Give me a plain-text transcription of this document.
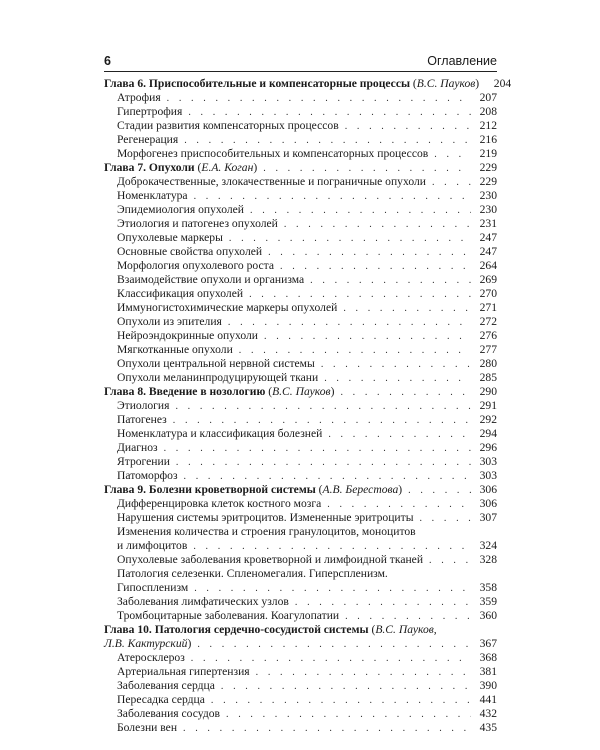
6	Оглавление
Глава 6. Приспособительные и компенсаторные процессы (В.С. Пауков)	204
Атрофия . . .	207
Гипертрофия . . .	208
Стадии развития компенсаторных процессов . . .	212
Регенерация . . .	216
Морфогенез приспособительных и компенсаторных процессов . . .	219
Глава 7. Опухоли (Е.А. Коган) . . .	229
Доброкачественные, злокачественные и пограничные опухоли . . .	229
Номенклатура . . .	230
Эпидемиология опухолей . . .	230
Этиология и патогенез опухолей . . .	231
Опухолевые маркеры . . .	247
Основные свойства опухолей . . .	247
Морфология опухолевого роста . . .	264
Взаимодействие опухоли и организма . . .	269
Классификация опухолей . . .	270
Иммуногистохимические маркеры опухолей . . .	271
Опухоли из эпителия . . .	272
Нейроэндокринные опухоли . . .	276
Мягкотканные опухоли . . .	277
Опухоли центральной нервной системы . . .	280
Опухоли меланинпродуцирующей ткани . . .	285
Глава 8. Введение в нозологию (В.С. Пауков) . . .	290
Этиология . . .	291
Патогенез . . .	292
Номенклатура и классификация болезней . . .	294
Диагноз . . .	296
Ятрогении . . .	303
Патоморфоз . . .	303
Глава 9. Болезни кроветворной системы (А.В. Берестова) . . .	306
Дифференцировка клеток костного мозга . . .	306
Нарушения системы эритроцитов. Измененные эритроциты . . .	307
Изменения количества и строения гранулоцитов, моноцитов
и лимфоцитов . . .	324
Опухолевые заболевания кроветворной и лимфоидной тканей . . .	328
Патология селезенки. Спленомегалия. Гиперспленизм.
Гипоспленизм . . .	358
Заболевания лимфатических узлов . . .	359
Тромбоцитарные заболевания. Коагулопатии . . .	360
Глава 10. Патология сердечно-сосудистой системы (В.С. Пауков,
Л.В. Кактурский) . . .	367
Атеросклероз . . .	368
Артериальная гипертензия . . .	381
Заболевания сердца . . .	390
Пересадка сердца . . .	441
Заболевания сосудов . . .	432
Болезни вен . . .	435
